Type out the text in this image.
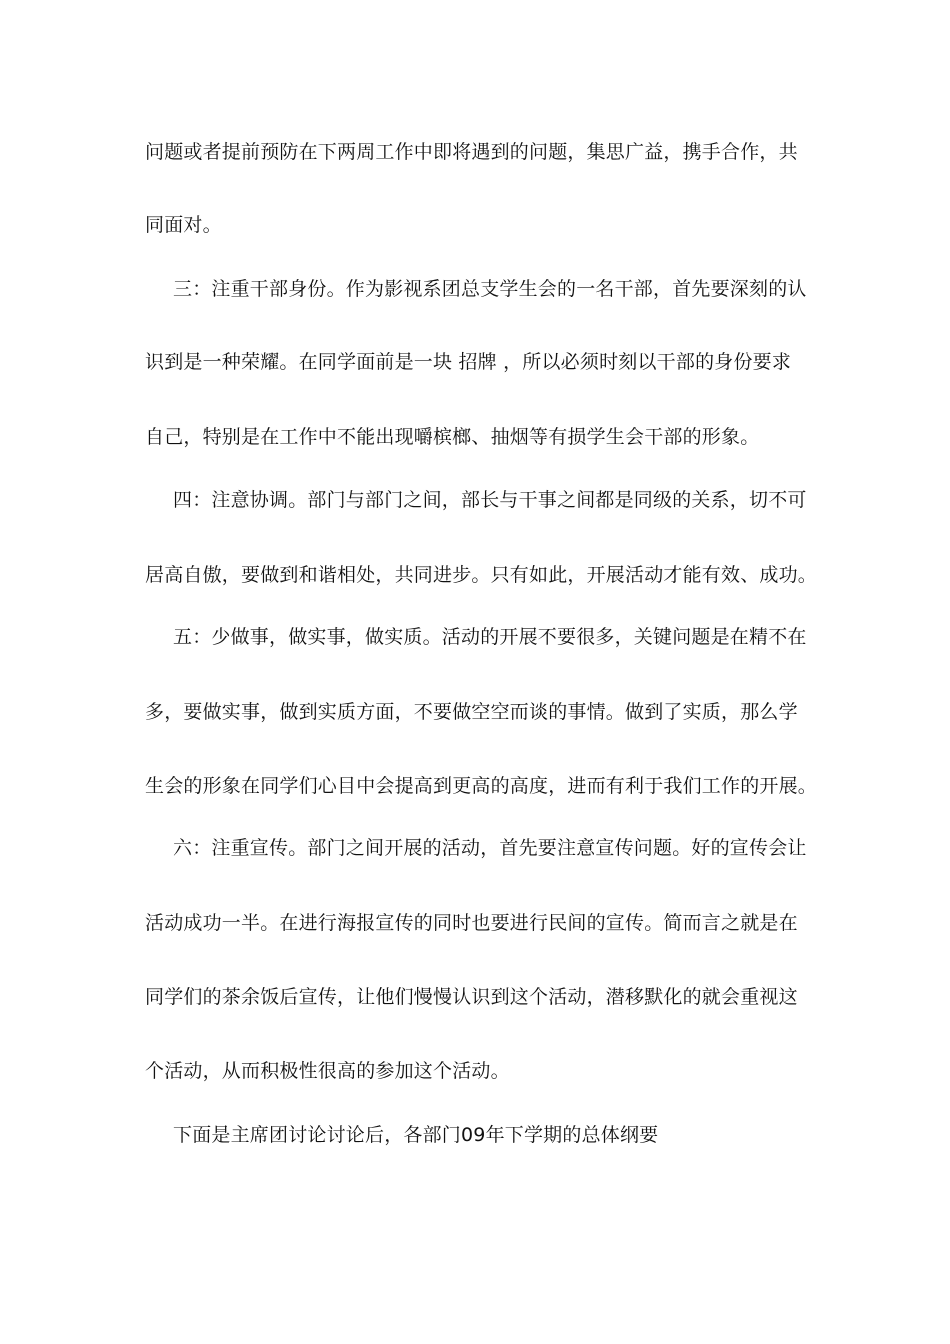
问题或者提前预防在下两周工作中即将遇到的问题，集思广益，携手合作，共
同面对。
三：注重干部身份。作为影视系团总支学生会的一名干部，首先要深刻的认
识到是一种荣耀。在同学面前是一块 招牌 ，所以必须时刻以干部的身份要求
自己，特别是在工作中不能出现嚼槟榔、抽烟等有损学生会干部的形象。
四：注意协调。部门与部门之间，部长与干事之间都是同级的关系，切不可
居高自傲，要做到和谐相处，共同进步。只有如此，开展活动才能有效、成功。
五：少做事，做实事，做实质。活动的开展不要很多，关键问题是在精不在
多，要做实事，做到实质方面，不要做空空而谈的事情。做到了实质，那么学
生会的形象在同学们心目中会提高到更高的高度，进而有利于我们工作的开展。
六：注重宣传。部门之间开展的活动，首先要注意宣传问题。好的宣传会让
活动成功一半。在进行海报宣传的同时也要进行民间的宣传。简而言之就是在
同学们的茶余饭后宣传，让他们慢慢认识到这个活动，潜移默化的就会重视这
个活动，从而积极性很高的参加这个活动。
下面是主席团讨论讨论后，各部门09年下学期的总体纲要
